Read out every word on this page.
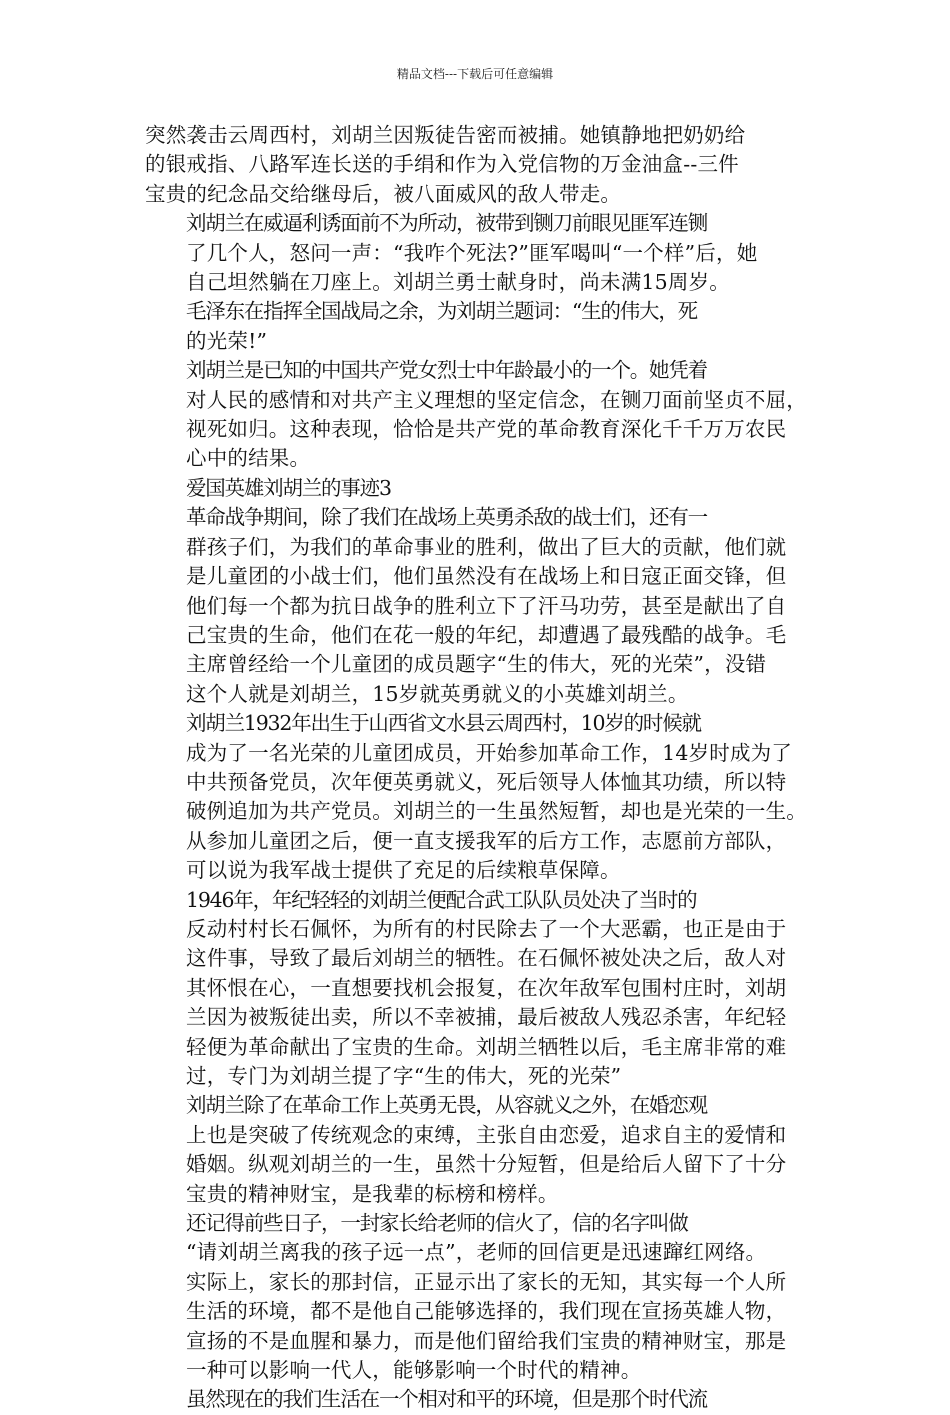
精品文档---下载后可任意编辑
突然袭击云周西村，刘胡兰因叛徒告密而被捕。她镇静地把奶奶给
的银戒指、八路军连长送的手绢和作为入党信物的万金油盒--三件
宝贵的纪念品交给继母后，被八面威风的敌人带走。
刘胡兰在威逼利诱面前不为所动，被带到铡刀前眼见匪军连铡
了几个人，怒问一声：“我咋个死法?”匪军喝叫“一个样”后，她
自己坦然躺在刀座上。刘胡兰勇士献身时，尚未满15周岁。
毛泽东在指挥全国战局之余，为刘胡兰题词：“生的伟大，死
的光荣!”
刘胡兰是已知的中国共产党女烈士中年龄最小的一个。她凭着
对人民的感情和对共产主义理想的坚定信念，在铡刀面前坚贞不屈，
视死如归。这种表现，恰恰是共产党的革命教育深化千千万万农民
心中的结果。
爱国英雄刘胡兰的事迹3
革命战争期间，除了我们在战场上英勇杀敌的战士们，还有一
群孩子们，为我们的革命事业的胜利，做出了巨大的贡献，他们就
是儿童团的小战士们，他们虽然没有在战场上和日寇正面交锋，但
他们每一个都为抗日战争的胜利立下了汗马功劳，甚至是献出了自
己宝贵的生命，他们在花一般的年纪，却遭遇了最残酷的战争。毛
主席曾经给一个儿童团的成员题字“生的伟大，死的光荣”，没错
这个人就是刘胡兰，15岁就英勇就义的小英雄刘胡兰。
刘胡兰1932年出生于山西省文水县云周西村，10岁的时候就
成为了一名光荣的儿童团成员，开始参加革命工作，14岁时成为了
中共预备党员，次年便英勇就义，死后领导人体恤其功绩，所以特
破例追加为共产党员。刘胡兰的一生虽然短暂，却也是光荣的一生。
从参加儿童团之后，便一直支援我军的后方工作，志愿前方部队，
可以说为我军战士提供了充足的后续粮草保障。
1946年，年纪轻轻的刘胡兰便配合武工队队员处决了当时的
反动村村长石佩怀，为所有的村民除去了一个大恶霸，也正是由于
这件事，导致了最后刘胡兰的牺牲。在石佩怀被处决之后，敌人对
其怀恨在心，一直想要找机会报复，在次年敌军包围村庄时，刘胡
兰因为被叛徒出卖，所以不幸被捕，最后被敌人残忍杀害，年纪轻
轻便为革命献出了宝贵的生命。刘胡兰牺牲以后，毛主席非常的难
过，专门为刘胡兰提了字“生的伟大，死的光荣”
刘胡兰除了在革命工作上英勇无畏，从容就义之外，在婚恋观
上也是突破了传统观念的束缚，主张自由恋爱，追求自主的爱情和
婚姻。纵观刘胡兰的一生，虽然十分短暂，但是给后人留下了十分
宝贵的精神财宝，是我辈的标榜和榜样。
还记得前些日子，一封家长给老师的信火了，信的名字叫做
“请刘胡兰离我的孩子远一点”，老师的回信更是迅速蹿红网络。
实际上，家长的那封信，正显示出了家长的无知，其实每一个人所
生活的环境，都不是他自己能够选择的，我们现在宣扬英雄人物，
宣扬的不是血腥和暴力，而是他们留给我们宝贵的精神财宝，那是
一种可以影响一代人，能够影响一个时代的精神。
虽然现在的我们生活在一个相对和平的环境，但是那个时代流
